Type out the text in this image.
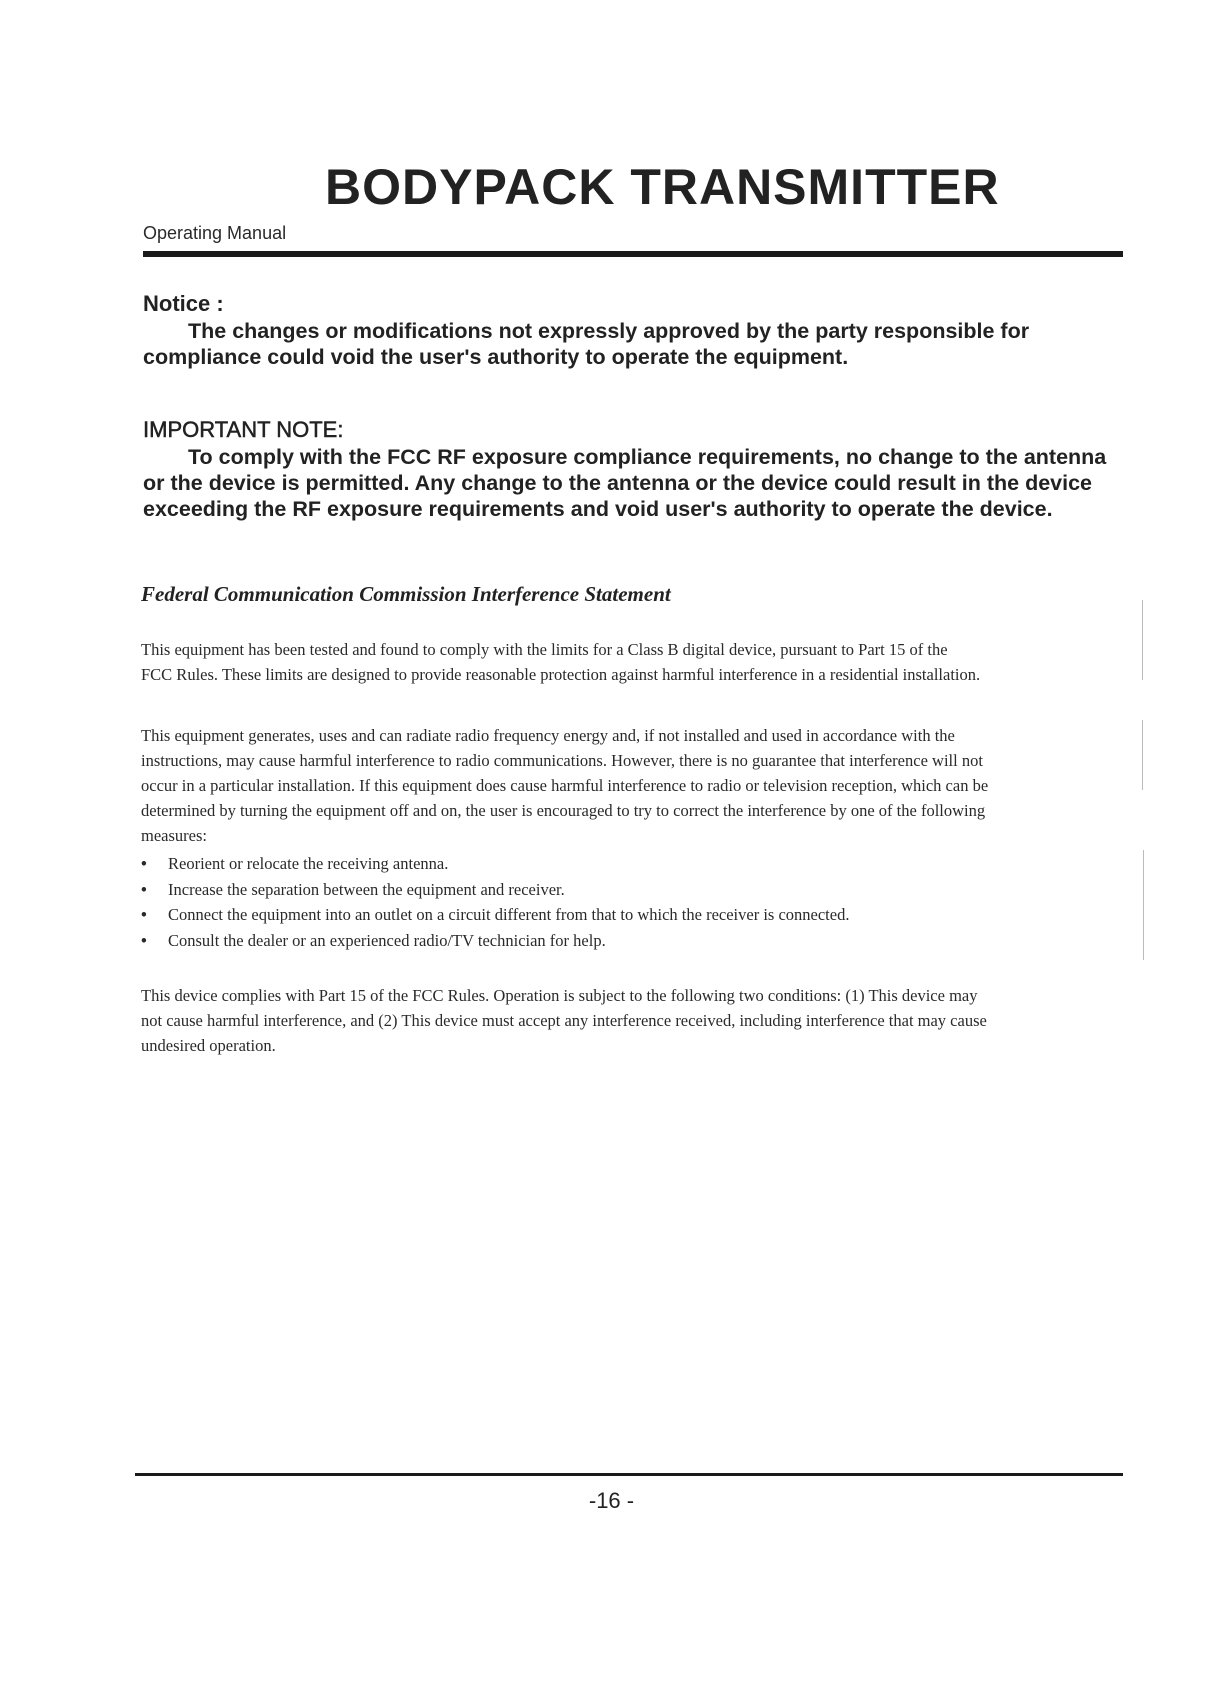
BODYPACK TRANSMITTER
Operating Manual
Notice :
The changes or modifications not expressly approved by the party responsible for compliance could void the user's authority to operate the equipment.
IMPORTANT NOTE:
To comply with the FCC RF exposure compliance requirements, no change to the antenna or the device is permitted. Any change to the antenna or the device could result in the device exceeding the RF exposure requirements and void user's authority to operate the device.
Federal Communication Commission Interference Statement
This equipment has been tested and found to comply with the limits for a Class B digital device, pursuant to Part 15 of the FCC Rules. These limits are designed to provide reasonable protection against harmful interference in a residential installation.
This equipment generates, uses and can radiate radio frequency energy and, if not installed and used in accordance with the instructions, may cause harmful interference to radio communications. However, there is no guarantee that interference will not occur in a particular installation. If this equipment does cause harmful interference to radio or television reception, which can be determined by turning the equipment off and on, the user is encouraged to try to correct the interference by one of the following measures:
• Reorient or relocate the receiving antenna.
• Increase the separation between the equipment and receiver.
• Connect the equipment into an outlet on a circuit different from that to which the receiver is connected.
• Consult the dealer or an experienced radio/TV technician for help.
This device complies with Part 15 of the FCC Rules. Operation is subject to the following two conditions: (1) This device may not cause harmful interference, and (2) This device must accept any interference received, including interference that may cause undesired operation.
-16 -
